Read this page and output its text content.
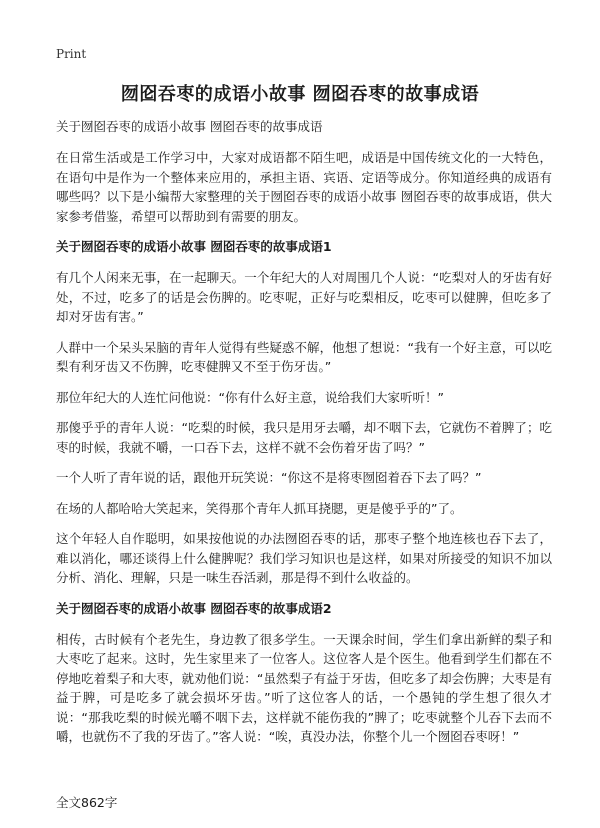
Print
囫囵吞枣的成语小故事 囫囵吞枣的故事成语

关于囫囵吞枣的成语小故事 囫囵吞枣的故事成语

在日常生活或是工作学习中，大家对成语都不陌生吧，成语是中国传统文化的一大特色，在语句中是作为一个整体来应用的，承担主语、宾语、定语等成分。你知道经典的成语有哪些吗？以下是小编帮大家整理的关于囫囵吞枣的成语小故事 囫囵吞枣的故事成语，供大家参考借鉴，希望可以帮助到有需要的朋友。

关于囫囵吞枣的成语小故事 囫囵吞枣的故事成语1

有几个人闲来无事，在一起聊天。一个年纪大的人对周围几个人说：“吃梨对人的牙齿有好处，不过，吃多了的话是会伤脾的。吃枣呢，正好与吃梨相反，吃枣可以健脾，但吃多了却对牙齿有害。”

人群中一个呆头呆脑的青年人觉得有些疑惑不解，他想了想说：“我有一个好主意，可以吃梨有利牙齿又不伤脾，吃枣健脾又不至于伤牙齿。”

那位年纪大的人连忙问他说：“你有什么好主意，说给我们大家听听！”

那傻乎乎的青年人说：“吃梨的时候，我只是用牙去嚼，却不咽下去，它就伤不着脾了；吃枣的时候，我就不嚼，一口吞下去，这样不就不会伤着牙齿了吗？”

一个人听了青年说的话，跟他开玩笑说：“你这不是将枣囫囵着吞下去了吗？”

在场的人都哈哈大笑起来，笑得那个青年人抓耳挠腮，更是傻乎乎的”了。

这个年轻人自作聪明，如果按他说的办法囫囵吞枣的话，那枣子整个地连核也吞下去了，难以消化，哪还谈得上什么健脾呢？我们学习知识也是这样，如果对所接受的知识不加以分析、消化、理解，只是一味生吞活剥，那是得不到什么收益的。

关于囫囵吞枣的成语小故事 囫囵吞枣的故事成语2

相传，古时候有个老先生，身边教了很多学生。一天课余时间，学生们拿出新鲜的梨子和大枣吃了起来。这时，先生家里来了一位客人。这位客人是个医生。他看到学生们都在不停地吃着梨子和大枣，就劝他们说：“虽然梨子有益于牙齿，但吃多了却会伤脾；大枣是有益于脾，可是吃多了就会损坏牙齿。”听了这位客人的话，一个愚钝的学生想了很久才说：“那我吃梨的时候光嚼不咽下去，这样就不能伤我的”脾了；吃枣就整个儿吞下去而不嚼，也就伤不了我的牙齿了。”客人说：“唉，真没办法，你整个儿一个囫囵吞枣呀！”

全文862字
